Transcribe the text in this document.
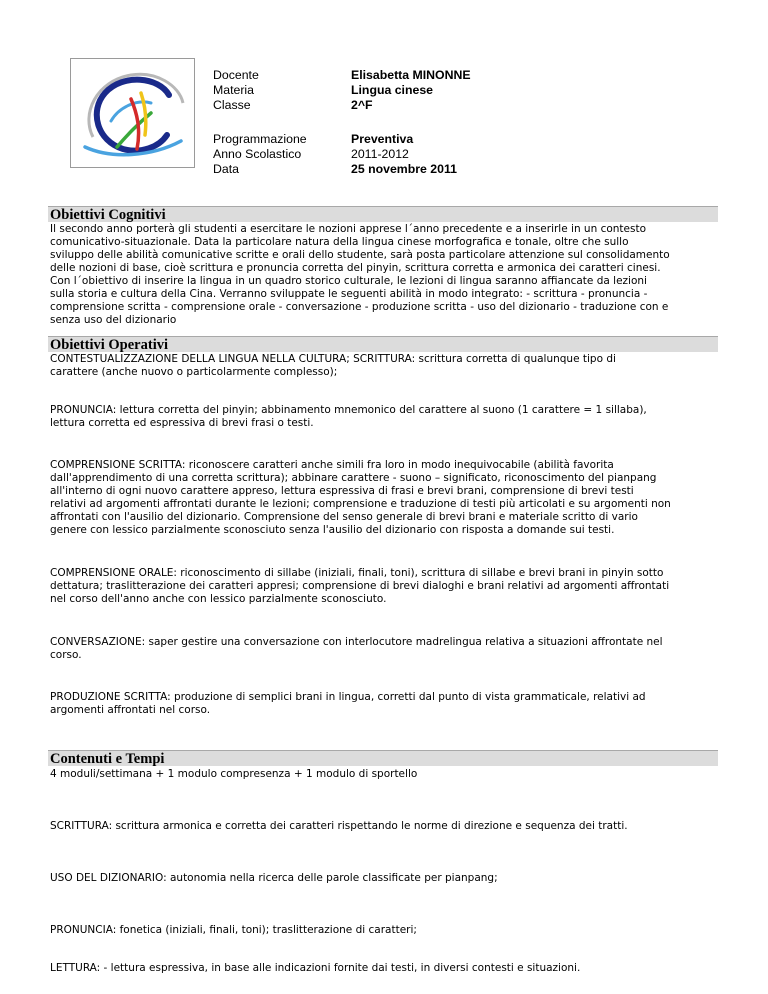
Docente
Materia
Classe
Programmazione
Anno Scolastico
Data
Elisabetta MINONNE
Lingua cinese
2^F
Preventiva
2011-2012
25 novembre 2011
Obiettivi Cognitivi
Il secondo anno porterà gli studenti a esercitare le nozioni apprese l´anno precedente e a inserirle in un contesto
comunicativo-situazionale. Data la particolare natura della lingua cinese morfografica e tonale, oltre che sullo
sviluppo delle abilità comunicative scritte e orali dello studente, sarà posta particolare attenzione sul consolidamento
delle nozioni di base, cioè scrittura e pronuncia corretta del pinyin, scrittura corretta e armonica dei caratteri cinesi.
Con l´obiettivo di inserire la lingua in un quadro storico culturale, le lezioni di lingua saranno affiancate da lezioni
sulla storia e cultura della Cina. Verranno sviluppate le seguenti abilità in modo integrato: - scrittura - pronuncia -
comprensione scritta - comprensione orale - conversazione - produzione scritta - uso del dizionario - traduzione con e
senza uso del dizionario
Obiettivi Operativi
CONTESTUALIZZAZIONE DELLA LINGUA NELLA CULTURA; SCRITTURA: scrittura corretta di qualunque tipo di
carattere (anche nuovo o particolarmente complesso);
PRONUNCIA: lettura corretta del pinyin; abbinamento mnemonico del carattere al suono (1 carattere = 1 sillaba),
lettura corretta ed espressiva di brevi frasi o testi.
COMPRENSIONE SCRITTA: riconoscere caratteri anche simili fra loro in modo inequivocabile (abilità favorita
dall'apprendimento di una corretta scrittura); abbinare carattere - suono – significato, riconoscimento del pianpang
all'interno di ogni nuovo carattere appreso, lettura espressiva di frasi e brevi brani, comprensione di brevi testi
relativi ad argomenti affrontati durante le lezioni; comprensione e traduzione di testi più articolati e su argomenti non
affrontati con l'ausilio del dizionario. Comprensione del senso generale di brevi brani e materiale scritto di vario
genere con lessico parzialmente sconosciuto senza l'ausilio del dizionario con risposta a domande sui testi.
COMPRENSIONE ORALE: riconoscimento di sillabe (iniziali, finali, toni), scrittura di sillabe e brevi brani in pinyin sotto
dettatura; traslitterazione dei caratteri appresi; comprensione di brevi dialoghi e brani relativi ad argomenti affrontati
nel corso dell'anno anche con lessico parzialmente sconosciuto.
CONVERSAZIONE: saper gestire una conversazione con interlocutore madrelingua relativa a situazioni affrontate nel
corso.
PRODUZIONE SCRITTA: produzione di semplici brani in lingua, corretti dal punto di vista grammaticale, relativi ad
argomenti affrontati nel corso.
Contenuti e Tempi
4 moduli/settimana + 1 modulo compresenza + 1 modulo di sportello
SCRITTURA: scrittura armonica e corretta dei caratteri rispettando le norme di direzione e sequenza dei tratti.
USO DEL DIZIONARIO: autonomia nella ricerca delle parole classificate per pianpang;
PRONUNCIA: fonetica (iniziali, finali, toni); traslitterazione di caratteri;
LETTURA: - lettura espressiva, in base alle indicazioni fornite dai testi, in diversi contesti e situazioni.
